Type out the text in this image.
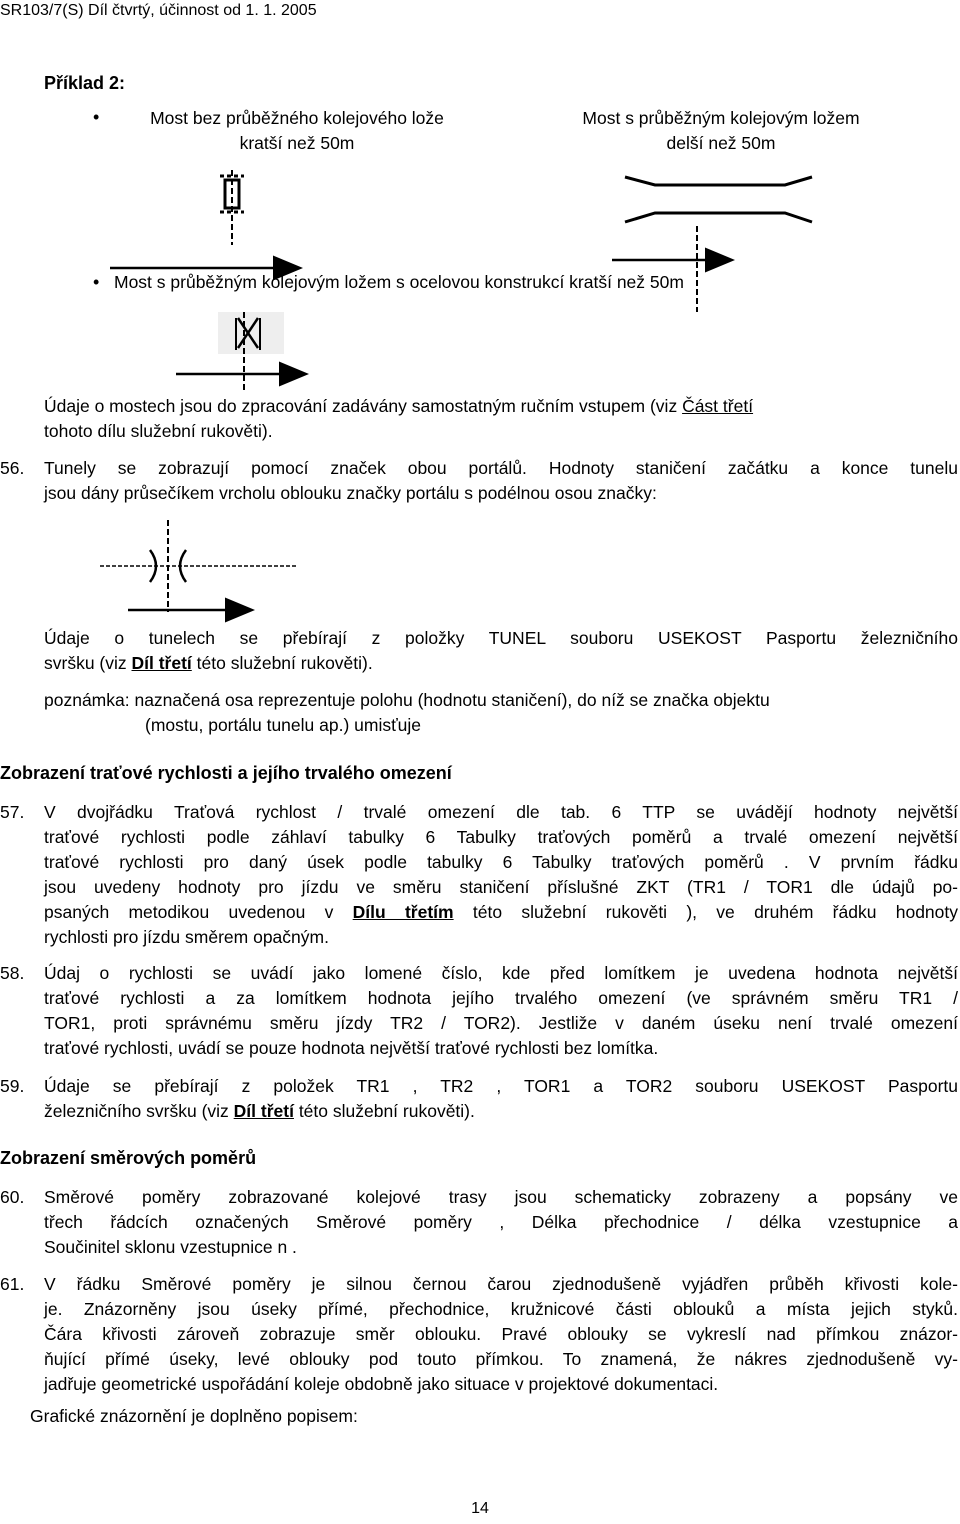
SR103/7(S) Díl čtvrtý, účinnost od 1. 1. 2005
Příklad 2:
•	Most bez průběžného kolejového lože
kratší než 50m
Most s průběžným kolejovým ložem
delší než 50m
• Most s průběžným kolejovým ložem s ocelovou konstrukcí kratší než 50m
Údaje o mostech jsou do zpracování zadávány samostatným ručním vstupem (viz Část třetí
tohoto dílu služební rukověti).
56. Tunely se zobrazují pomocí značek obou portálů. Hodnoty staničení začátku a konce tunelu
jsou dány průsečíkem vrcholu oblouku značky portálu s podélnou osou značky:
Údaje o tunelech se přebírají z položky TUNEL souboru USEKOST Pasportu železničního
svršku (viz Díl třetí této služební rukověti).
poznámka: naznačená osa reprezentuje polohu (hodnotu staničení), do níž se značka objektu
(mostu, portálu tunelu ap.) umisťuje
Zobrazení traťové rychlosti a jejího trvalého omezení
57. V dvojřádku Traťová rychlost / trvalé omezení dle tab. 6 TTP se uvádějí hodnoty největší
traťové rychlosti podle záhlaví tabulky 6 Tabulky traťových poměrů a trvalé omezení největší
traťové rychlosti pro daný úsek podle tabulky 6 Tabulky traťových poměrů . V prvním řádku
jsou uvedeny hodnoty pro jízdu ve směru staničení příslušné ZKT (TR1 / TOR1 dle údajů po-
psaných metodikou uvedenou v Dílu třetím této služební rukověti ), ve druhém řádku hodnoty
rychlosti pro jízdu směrem opačným.
58. Údaj o rychlosti se uvádí jako lomené číslo, kde před lomítkem je uvedena hodnota největší
traťové rychlosti a za lomítkem hodnota jejího trvalého omezení (ve správném směru TR1 /
TOR1, proti správnému směru jízdy TR2 / TOR2). Jestliže v daném úseku není trvalé omezení
traťové rychlosti, uvádí se pouze hodnota největší traťové rychlosti bez lomítka.
59. Údaje se přebírají z položek TR1 , TR2 , TOR1 a TOR2 souboru USEKOST Pasportu
železničního svršku (viz Díl třetí této služební rukověti).
Zobrazení směrových poměrů
60. Směrové poměry zobrazované kolejové trasy jsou schematicky zobrazeny a popsány ve
třech řádcích označených Směrové poměry , Délka přechodnice / délka vzestupnice a
Součinitel sklonu vzestupnice n .
61. V řádku Směrové poměry je silnou černou čarou zjednodušeně vyjádřen průběh křivosti kole-
je. Znázorněny jsou úseky přímé, přechodnice, kružnicové části oblouků a místa jejich styků.
Čára křivosti zároveň zobrazuje směr oblouku. Pravé oblouky se vykreslí nad přímkou znázor-
ňující přímé úseky, levé oblouky pod touto přímkou. To znamená, že nákres zjednodušeně vy-
jadřuje geometrické uspořádání koleje obdobně jako situace v projektové dokumentaci.
Grafické znázornění je doplněno popisem:
14
